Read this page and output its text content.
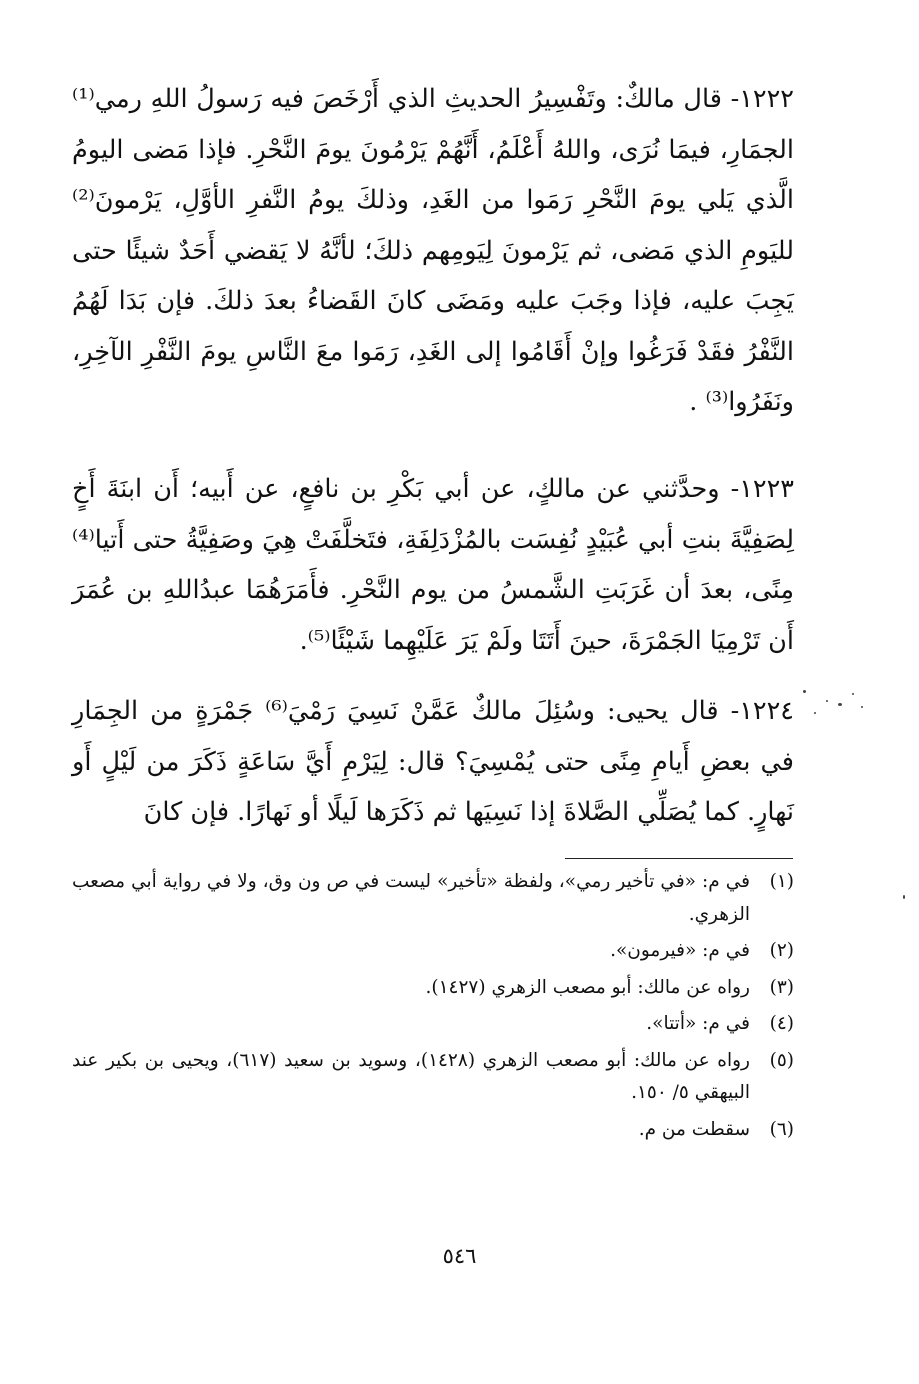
١٢٢٢- قال مالكٌ: وتَفْسِيرُ الحديثِ الذي أَرْخَصَ فيه رَسولُ اللهِ رمي⁽¹⁾ الجمَارِ، فيمَا نُرَى، واللهُ أَعْلَمُ، أَنَّهُمْ يَرْمُونَ يومَ النَّحْرِ. فإذا مَضى اليومُ الَّذي يَلي يومَ النَّحْرِ رَمَوا من الغَدِ، وذلكَ يومُ النَّفرِ الأوَّلِ، يَرْمونَ⁽²⁾ لليَومِ الذي مَضى، ثم يَرْمونَ لِيَومِهم ذلكَ؛ لأنَّهُ لا يَقضي أَحَدٌ شيئًا حتى يَجِبَ عليه، فإذا وجَبَ عليه ومَضَى كانَ القَضاءُ بعدَ ذلكَ. فإن بَدَا لَهُمُ النَّفْرُ فقَدْ فَرَغُوا وإنْ أَقَامُوا إلى الغَدِ، رَمَوا معَ النَّاسِ يومَ النَّفْرِ الآخِرِ، ونَفَرُوا⁽³⁾ .
١٢٢٣- وحدَّثني عن مالكٍ، عن أبي بَكْرِ بن نافعٍ، عن أَبيه؛ أَن ابنَةَ أَخٍ لِصَفِيَّةَ بنتِ أبي عُبَيْدٍ نُفِسَت بالمُزْدَلِفَةِ، فتَخلَّفَتْ هِيَ وصَفِيَّةُ حتى أَتيا⁽⁴⁾ مِنًى، بعدَ أن غَرَبَتِ الشَّمسُ من يوم النَّحْرِ. فأَمَرَهُمَا عبدُاللهِ بن عُمَرَ أَن تَرْمِيَا الجَمْرَةَ، حينَ أَتَتَا ولَمْ يَرَ عَلَيْهِما شَيْئًا⁽⁵⁾.
١٢٢٤- قال يحيى: وسُئِلَ مالكٌ عَمَّنْ نَسِيَ رَمْيَ⁽⁶⁾ جَمْرَةٍ من الجِمَارِ في بعضِ أَيامِ مِنًى حتى يُمْسِيَ؟ قال: لِيَرْمِ أَيَّ سَاعَةٍ ذَكَرَ من لَيْلٍ أَو نَهارٍ. كما يُصَلِّي الصَّلاةَ إذا نَسِيَها ثم ذَكَرَها لَيلًا أو نَهارًا. فإن كانَ
(١)
في م: «في تأخير رمي»، ولفظة «تأخير» ليست في ص ون وق، ولا في رواية أبي مصعب الزهري.
(٢)
في م: «فيرمون».
(٣)
رواه عن مالك: أبو مصعب الزهري (١٤٢٧).
(٤)
في م: «أتتا».
(٥)
رواه عن مالك: أبو مصعب الزهري (١٤٢٨)، وسويد بن سعيد (٦١٧)، ويحيى بن بكير عند البيهقي ٥/ ١٥٠.
(٦)
سقطت من م.
٥٤٦
